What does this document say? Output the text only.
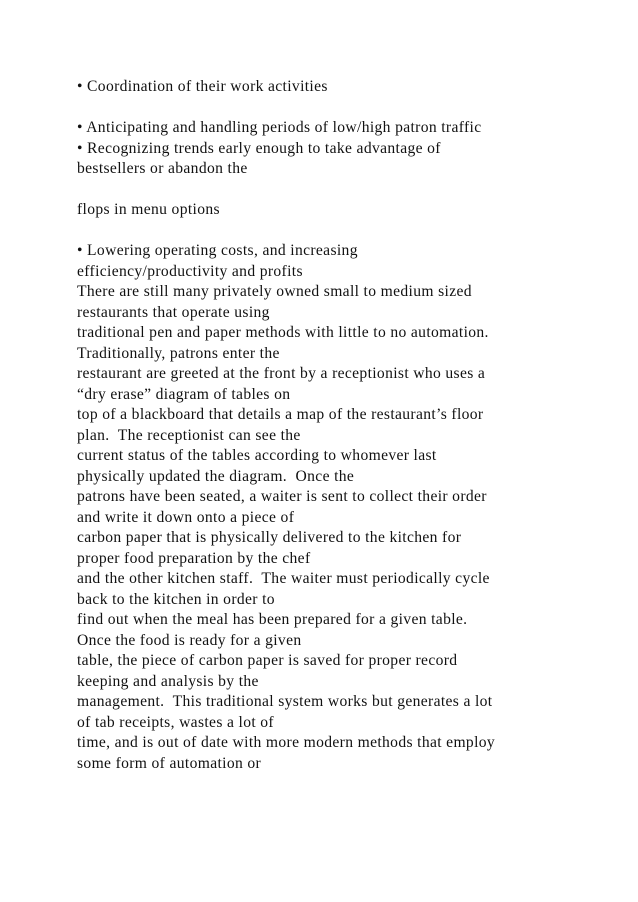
• Coordination of their work activities
• Anticipating and handling periods of low/high patron traffic
• Recognizing trends early enough to take advantage of
bestsellers or abandon the
flops in menu options
• Lowering operating costs, and increasing
efficiency/productivity and profits
There are still many privately owned small to medium sized
restaurants that operate using
traditional pen and paper methods with little to no automation.
Traditionally, patrons enter the
restaurant are greeted at the front by a receptionist who uses a
“dry erase” diagram of tables on
top of a blackboard that details a map of the restaurant’s floor
plan.  The receptionist can see the
current status of the tables according to whomever last
physically updated the diagram.  Once the
patrons have been seated, a waiter is sent to collect their order
and write it down onto a piece of
carbon paper that is physically delivered to the kitchen for
proper food preparation by the chef
and the other kitchen staff.  The waiter must periodically cycle
back to the kitchen in order to
find out when the meal has been prepared for a given table.
Once the food is ready for a given
table, the piece of carbon paper is saved for proper record
keeping and analysis by the
management.  This traditional system works but generates a lot
of tab receipts, wastes a lot of
time, and is out of date with more modern methods that employ
some form of automation or
